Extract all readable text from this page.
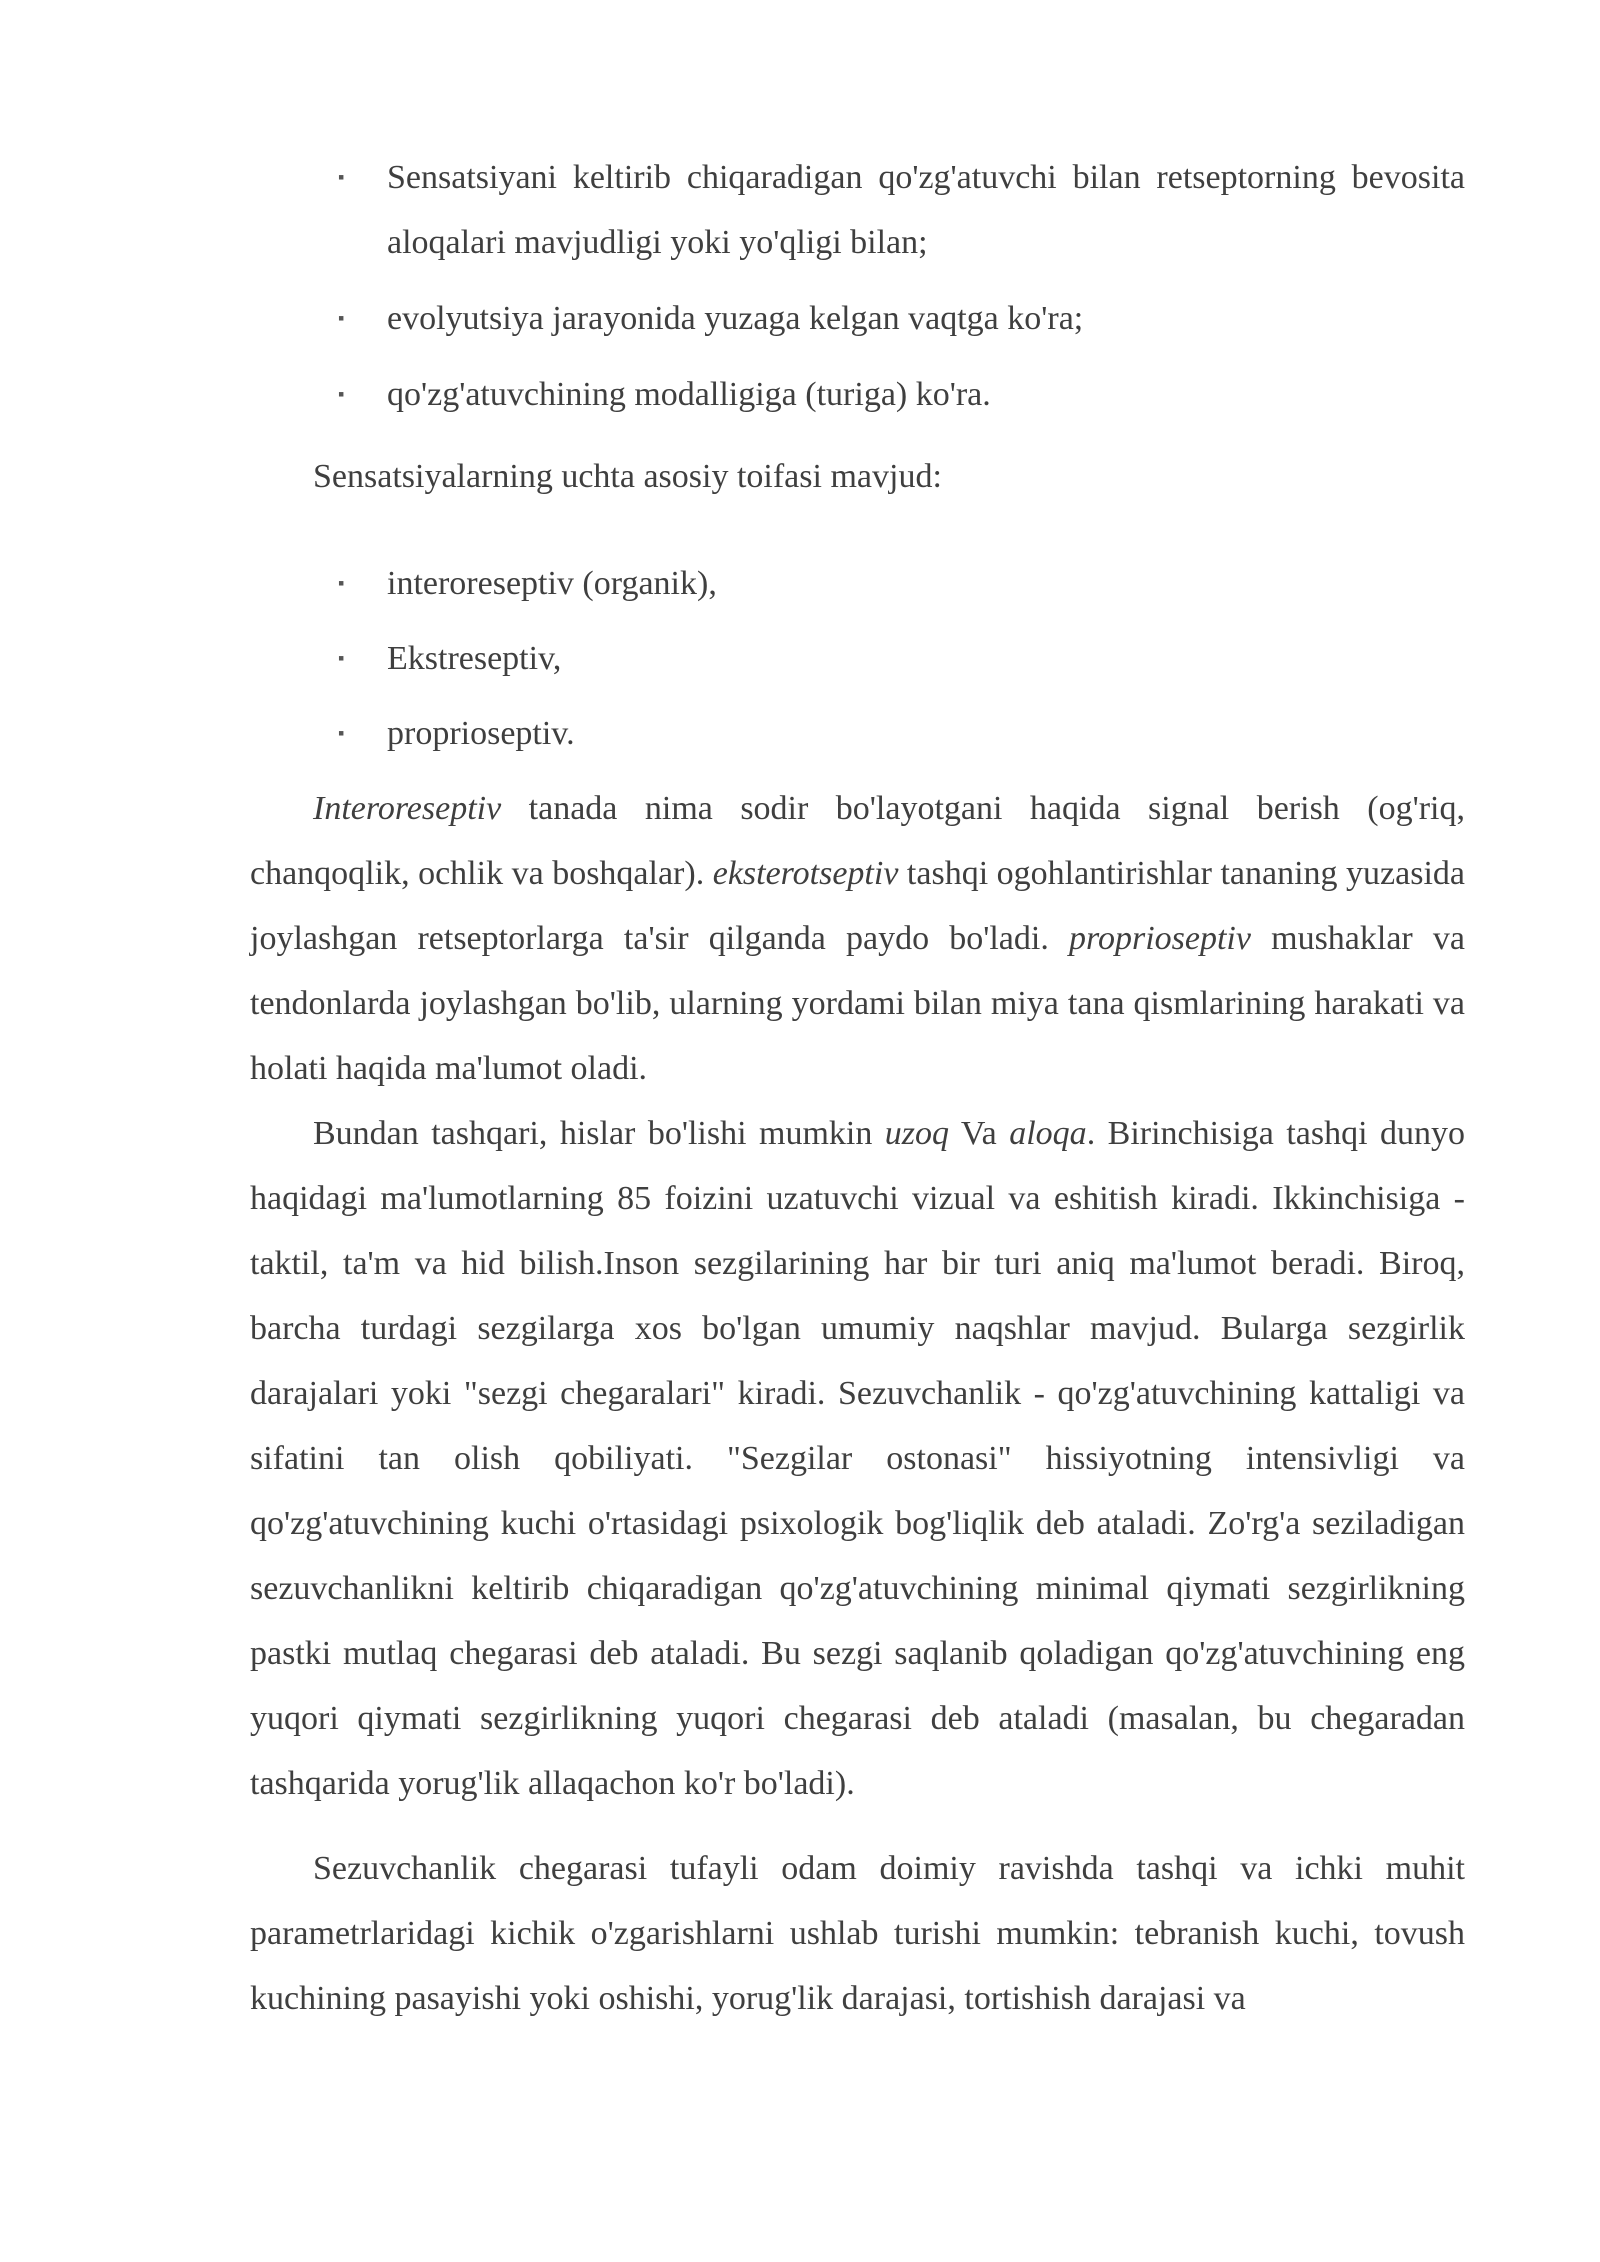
▪ Sensatsiyani keltirib chiqaradigan qo'zg'atuvchi bilan retseptorning bevosita aloqalari mavjudligi yoki yo'qligi bilan;
▪ evolyutsiya jarayonida yuzaga kelgan vaqtga ko'ra;
▪ qo'zg'atuvchining modalligiga (turiga) ko'ra.

Sensatsiyalarning uchta asosiy toifasi mavjud:

▪ interoreseptiv (organik),
▪ Ekstreseptiv,
▪ proprioseptiv.

Interoreseptiv tanada nima sodir bo'layotgani haqida signal berish (og'riq, chanqoqlik, ochlik va boshqalar). eksterotseptiv tashqi ogohlantirishlar tananing yuzasida joylashgan retseptorlarga ta'sir qilganda paydo bo'ladi. proprioseptiv mushaklar va tendonlarda joylashgan bo'lib, ularning yordami bilan miya tana qismlarining harakati va holati haqida ma'lumot oladi.

Bundan tashqari, hislar bo'lishi mumkin uzoq Va aloqa. Birinchisiga tashqi dunyo haqidagi ma'lumotlarning 85 foizini uzatuvchi vizual va eshitish kiradi. Ikkinchisiga - taktil, ta'm va hid bilish.Inson sezgilarining har bir turi aniq ma'lumot beradi. Biroq, barcha turdagi sezgilarga xos bo'lgan umumiy naqshlar mavjud. Bularga sezgirlik darajalari yoki "sezgi chegaralari" kiradi. Sezuvchanlik - qo'zg'atuvchining kattaligi va sifatini tan olish qobiliyati. "Sezgilar ostonasi" hissiyotning intensivligi va qo'zg'atuvchining kuchi o'rtasidagi psixologik bog'liqlik deb ataladi. Zo'rg'a seziladigan sezuvchanlikni keltirib chiqaradigan qo'zg'atuvchining minimal qiymati sezgirlikning pastki mutlaq chegarasi deb ataladi. Bu sezgi saqlanib qoladigan qo'zg'atuvchining eng yuqori qiymati sezgirlikning yuqori chegarasi deb ataladi (masalan, bu chegaradan tashqarida yorug'lik allaqachon ko'r bo'ladi).

Sezuvchanlik chegarasi tufayli odam doimiy ravishda tashqi va ichki muhit parametrlaridagi kichik o'zgarishlarni ushlab turishi mumkin: tebranish kuchi, tovush kuchining pasayishi yoki oshishi, yorug'lik darajasi, tortishish darajasi va
